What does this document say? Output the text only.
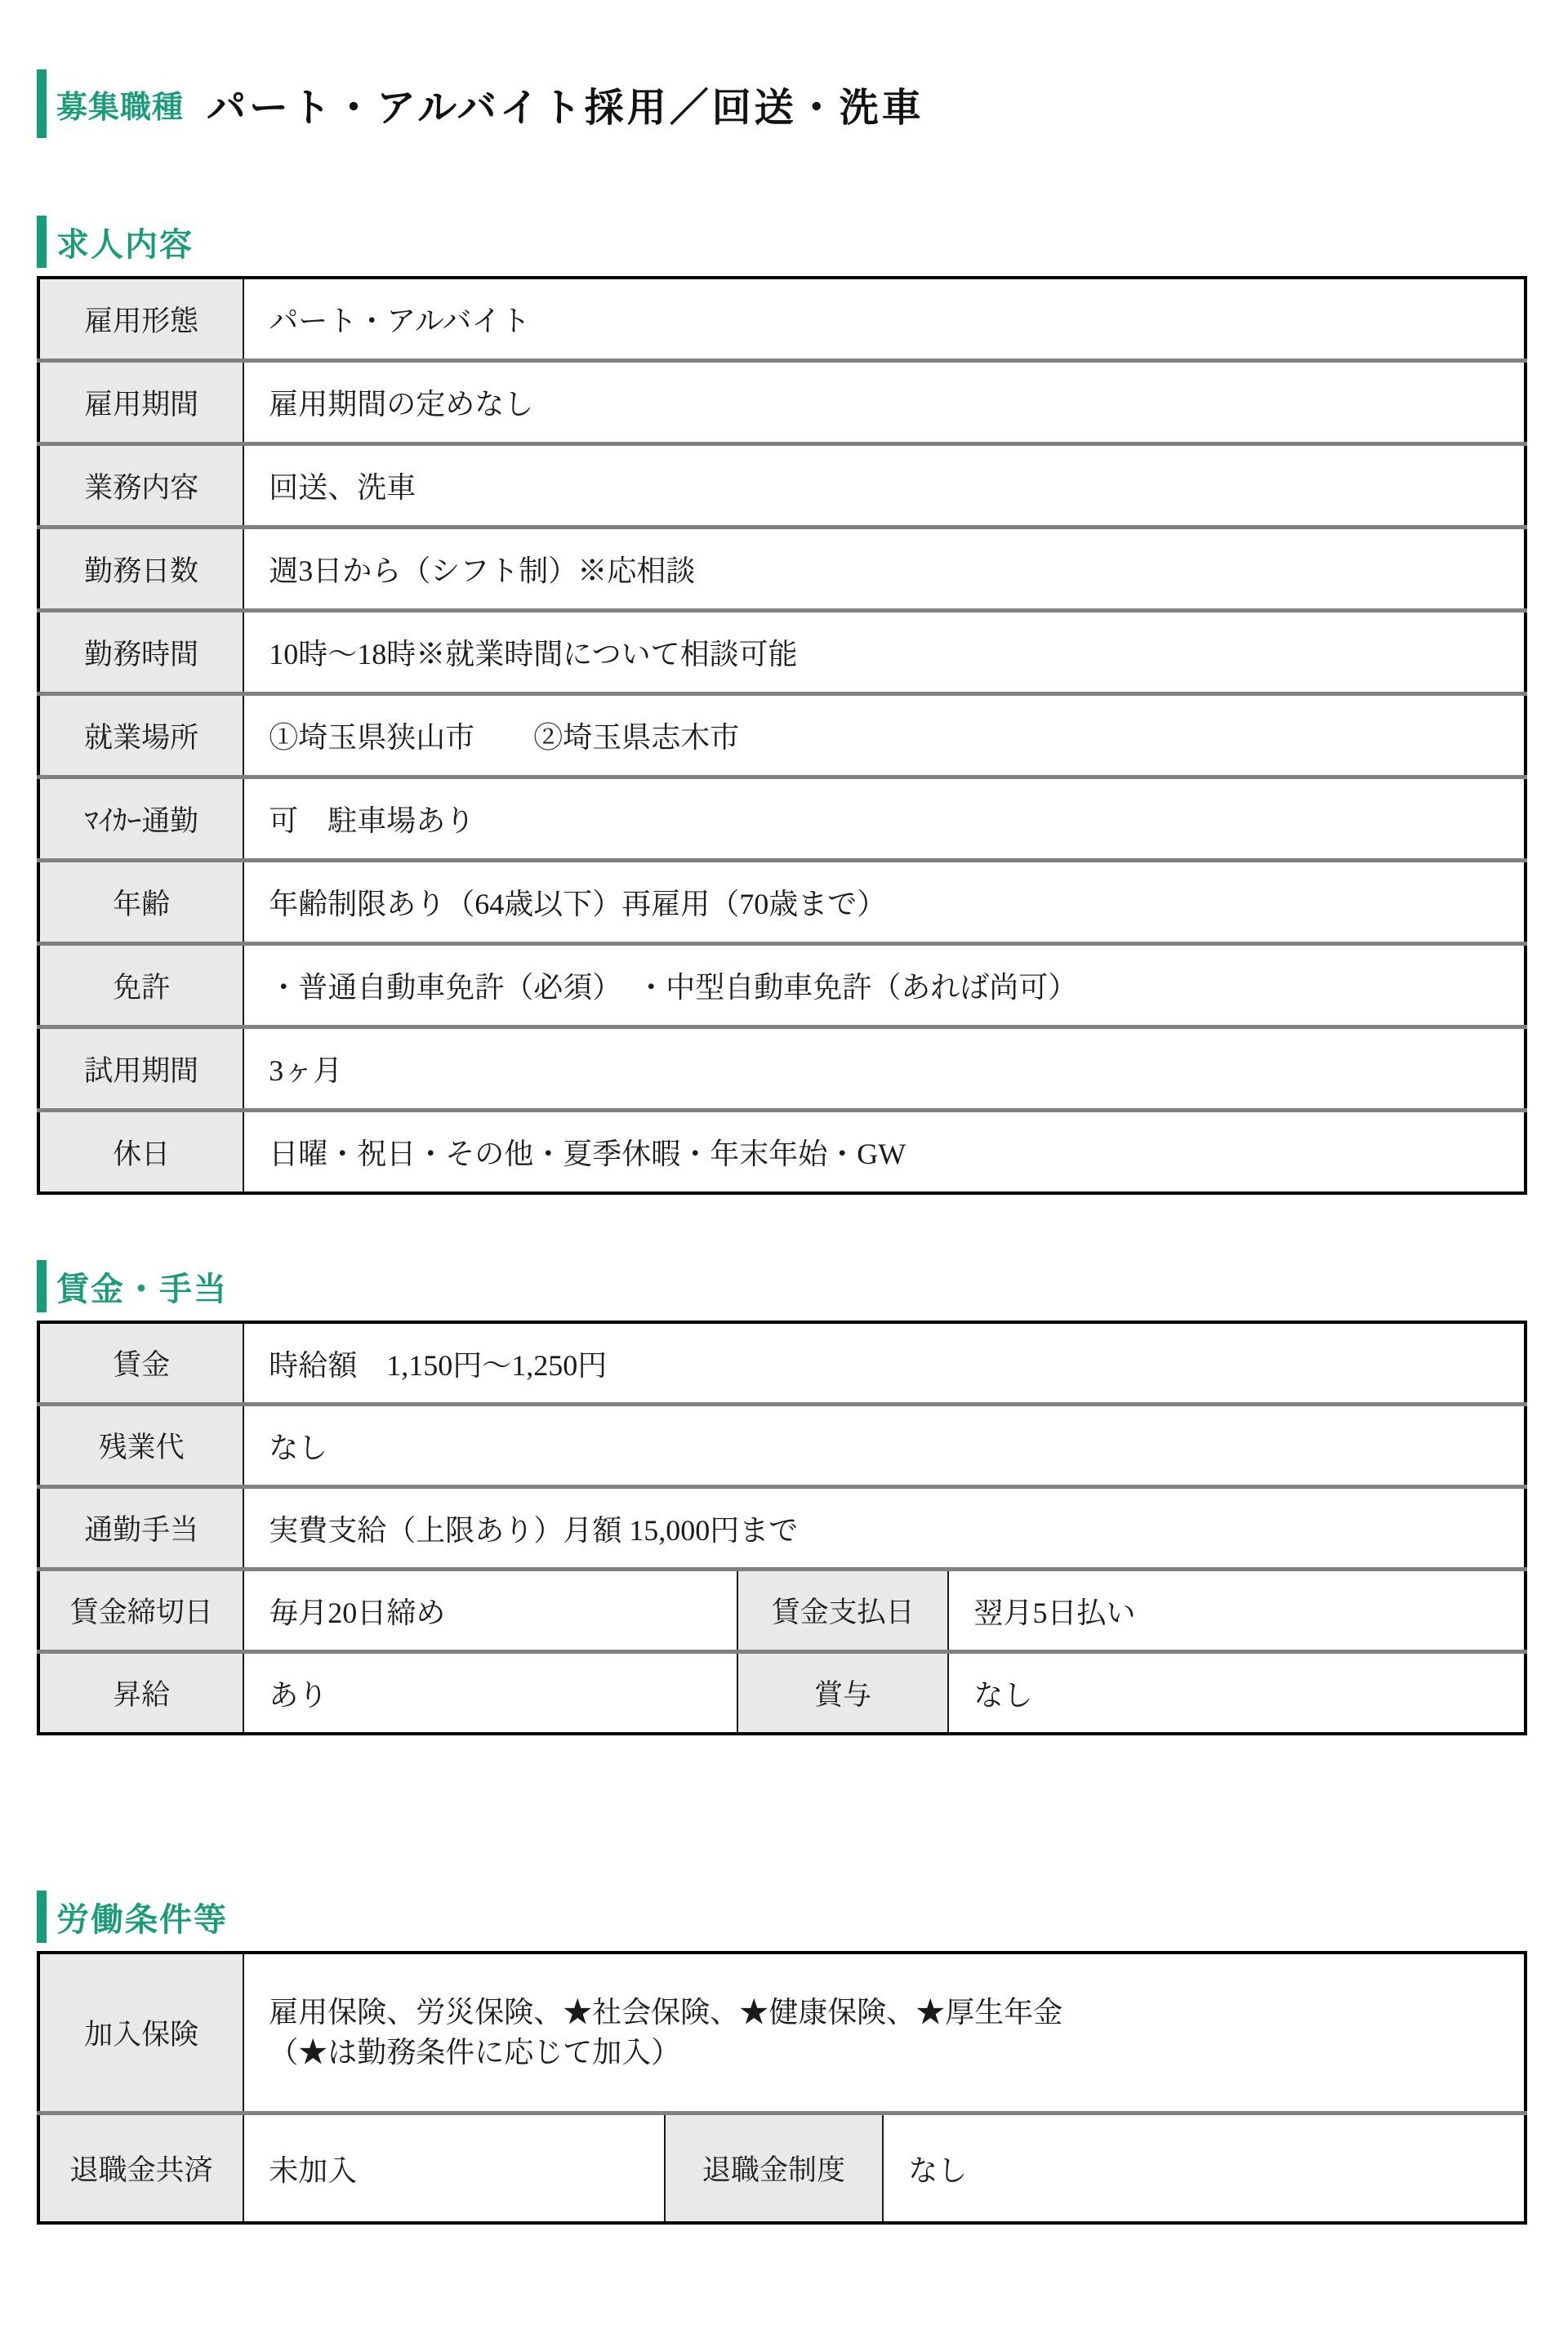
募集職種 パート・アルバイト採用／回送・洗車
求人内容
雇用形態	パート・アルバイト
雇用期間	雇用期間の定めなし
業務内容	回送、洗車
勤務日数	週3日から（シフト制）※応相談
勤務時間	10時～18時※就業時間について相談可能
就業場所	①埼玉県狭山市　　②埼玉県志木市
ﾏｲｶｰ通勤	可　駐車場あり
年齢	年齢制限あり（64歳以下）再雇用（70歳まで）
免許	・普通自動車免許（必須）　・中型自動車免許（あれば尚可）
試用期間	3ヶ月
休日	日曜・祝日・その他・夏季休暇・年末年始・GW
賃金・手当
賃金	時給額　1,150円～1,250円		
残業代	なし		
通勤手当	実費支給（上限あり）月額 15,000円まで		
賃金締切日	毎月20日締め	賃金支払日	翌月5日払い
昇給	あり	賞与	なし
労働条件等
加入保険	雇用保険、労災保険、★社会保険、★健康保険、★厚生年金
（★は勤務条件に応じて加入）		

退職金共済	未加入	退職金制度	なし
